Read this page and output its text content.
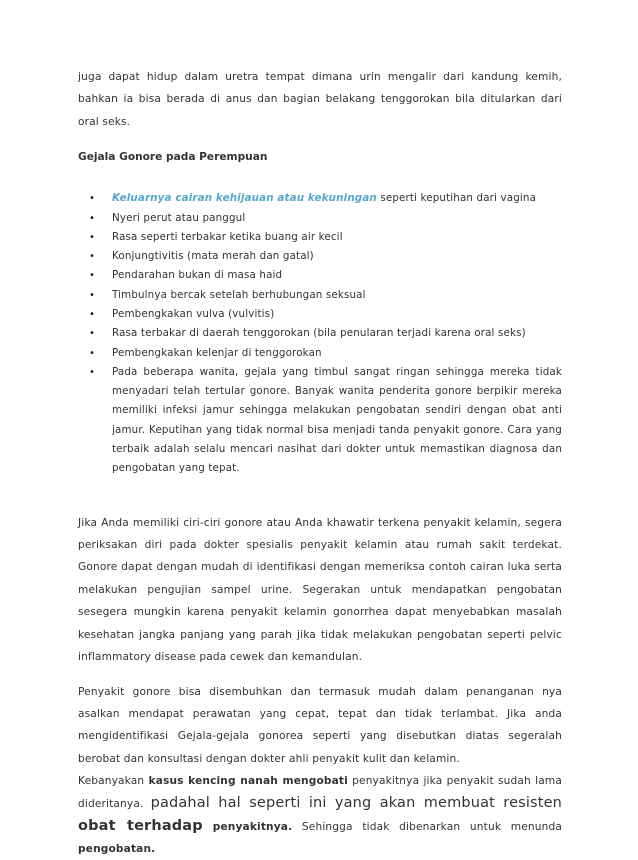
juga dapat hidup dalam uretra tempat dimana urin mengalir dari kandung kemih, bahkan ia bisa berada di anus dan bagian belakang tenggorokan bila ditularkan dari oral seks.

Gejala Gonore pada Perempuan
• Keluarnya cairan kehijauan atau kekuningan seperti keputihan dari vagina
• Nyeri perut atau panggul
• Rasa seperti terbakar ketika buang air kecil
• Konjungtivitis (mata merah dan gatal)
• Pendarahan bukan di masa haid
• Timbulnya bercak setelah berhubungan seksual
• Pembengkakan vulva (vulvitis)
• Rasa terbakar di daerah tenggorokan (bila penularan terjadi karena oral seks)
• Pembengkakan kelenjar di tenggorokan
• Pada beberapa wanita, gejala yang timbul sangat ringan sehingga mereka tidak menyadari telah tertular gonore. Banyak wanita penderita gonore berpikir mereka memiliki infeksi jamur sehingga melakukan pengobatan sendiri dengan obat anti jamur. Keputihan yang tidak normal bisa menjadi tanda penyakit gonore. Cara yang terbaik adalah selalu mencari nasihat dari dokter untuk memastikan diagnosa dan pengobatan yang tepat.

Jika Anda memiliki ciri-ciri gonore atau Anda khawatir terkena penyakit kelamin, segera periksakan diri pada dokter spesialis penyakit kelamin atau rumah sakit terdekat. Gonore dapat dengan mudah di identifikasi dengan memeriksa contoh cairan luka serta melakukan pengujian sampel urine. Segerakan untuk mendapatkan pengobatan sesegera mungkin karena penyakit kelamin gonorrhea dapat menyebabkan masalah kesehatan jangka panjang yang parah jika tidak melakukan pengobatan seperti pelvic inflammatory disease pada cewek dan kemandulan.

Penyakit gonore bisa disembuhkan dan termasuk mudah dalam penanganan nya asalkan mendapat perawatan yang cepat, tepat dan tidak terlambat. Jika anda mengidentifikasi Gejala-gejala gonorea seperti yang disebutkan diatas segeralah berobat dan konsultasi dengan dokter ahli penyakit kulit dan kelamin.

Kebanyakan kasus kencing nanah mengobati penyakitnya jika penyakit sudah lama dideritanya. padahal hal seperti ini yang akan membuat resisten obat terhadap penyakitnya. Sehingga tidak dibenarkan untuk menunda pengobatan.
